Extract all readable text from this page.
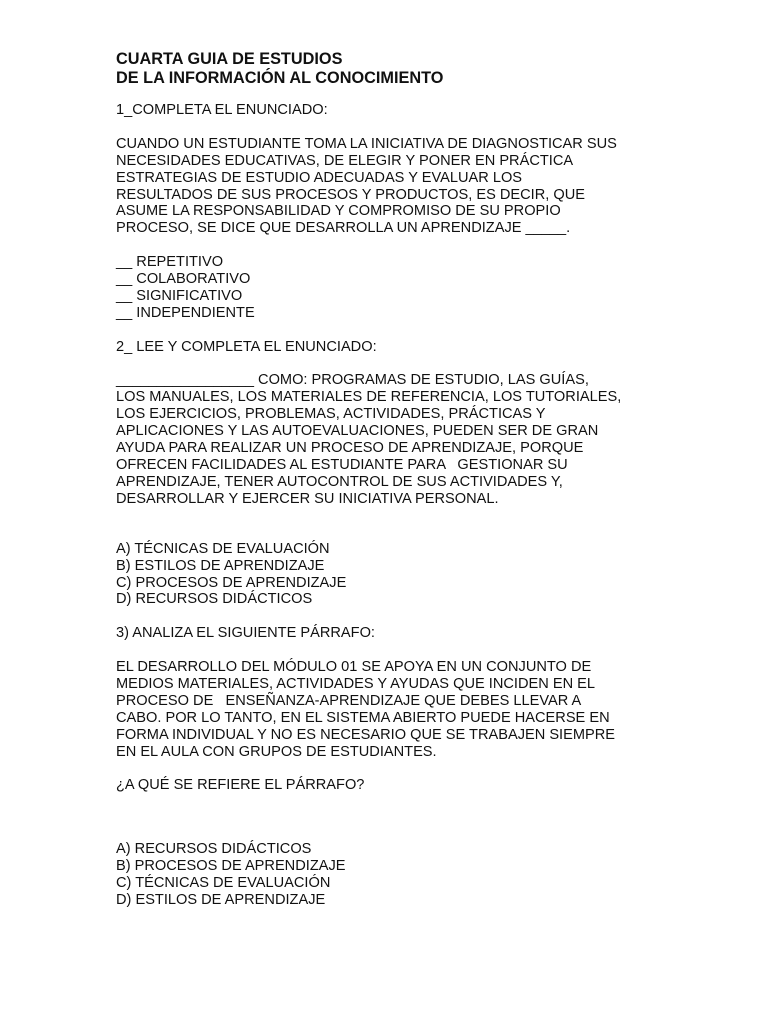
CUARTA GUIA DE ESTUDIOS

DE LA INFORMACIÓN AL CONOCIMIENTO

1_COMPLETA EL ENUNCIADO:

CUANDO UN ESTUDIANTE TOMA LA INICIATIVA DE DIAGNOSTICAR SUS

NECESIDADES EDUCATIVAS, DE ELEGIR Y PONER EN PRÁCTICA

ESTRATEGIAS DE ESTUDIO ADECUADAS Y EVALUAR LOS

RESULTADOS DE SUS PROCESOS Y PRODUCTOS, ES DECIR, QUE

ASUME LA RESPONSABILIDAD Y COMPROMISO DE SU PROPIO

PROCESO, SE DICE QUE DESARROLLA UN APRENDIZAJE _____.

__ REPETITIVO

__ COLABORATIVO

__ SIGNIFICATIVO

__ INDEPENDIENTE

2_ LEE Y COMPLETA EL ENUNCIADO:

_________________ COMO: PROGRAMAS DE ESTUDIO, LAS GUÍAS,

LOS MANUALES, LOS MATERIALES DE REFERENCIA, LOS TUTORIALES,

LOS EJERCICIOS, PROBLEMAS, ACTIVIDADES, PRÁCTICAS Y

APLICACIONES Y LAS AUTOEVALUACIONES, PUEDEN SER DE GRAN

AYUDA PARA REALIZAR UN PROCESO DE APRENDIZAJE, PORQUE

OFRECEN FACILIDADES AL ESTUDIANTE PARA   GESTIONAR SU

APRENDIZAJE, TENER AUTOCONTROL DE SUS ACTIVIDADES Y,

DESARROLLAR Y EJERCER SU INICIATIVA PERSONAL.

A) TÉCNICAS DE EVALUACIÓN

B) ESTILOS DE APRENDIZAJE

C) PROCESOS DE APRENDIZAJE

D) RECURSOS DIDÁCTICOS

3) ANALIZA EL SIGUIENTE PÁRRAFO:

EL DESARROLLO DEL MÓDULO 01 SE APOYA EN UN CONJUNTO DE

MEDIOS MATERIALES, ACTIVIDADES Y AYUDAS QUE INCIDEN EN EL

PROCESO DE   ENSEÑANZA-APRENDIZAJE QUE DEBES LLEVAR A

CABO. POR LO TANTO, EN EL SISTEMA ABIERTO PUEDE HACERSE EN

FORMA INDIVIDUAL Y NO ES NECESARIO QUE SE TRABAJEN SIEMPRE

EN EL AULA CON GRUPOS DE ESTUDIANTES.

¿A QUÉ SE REFIERE EL PÁRRAFO?

A) RECURSOS DIDÁCTICOS

B) PROCESOS DE APRENDIZAJE

C) TÉCNICAS DE EVALUACIÓN

D) ESTILOS DE APRENDIZAJE
